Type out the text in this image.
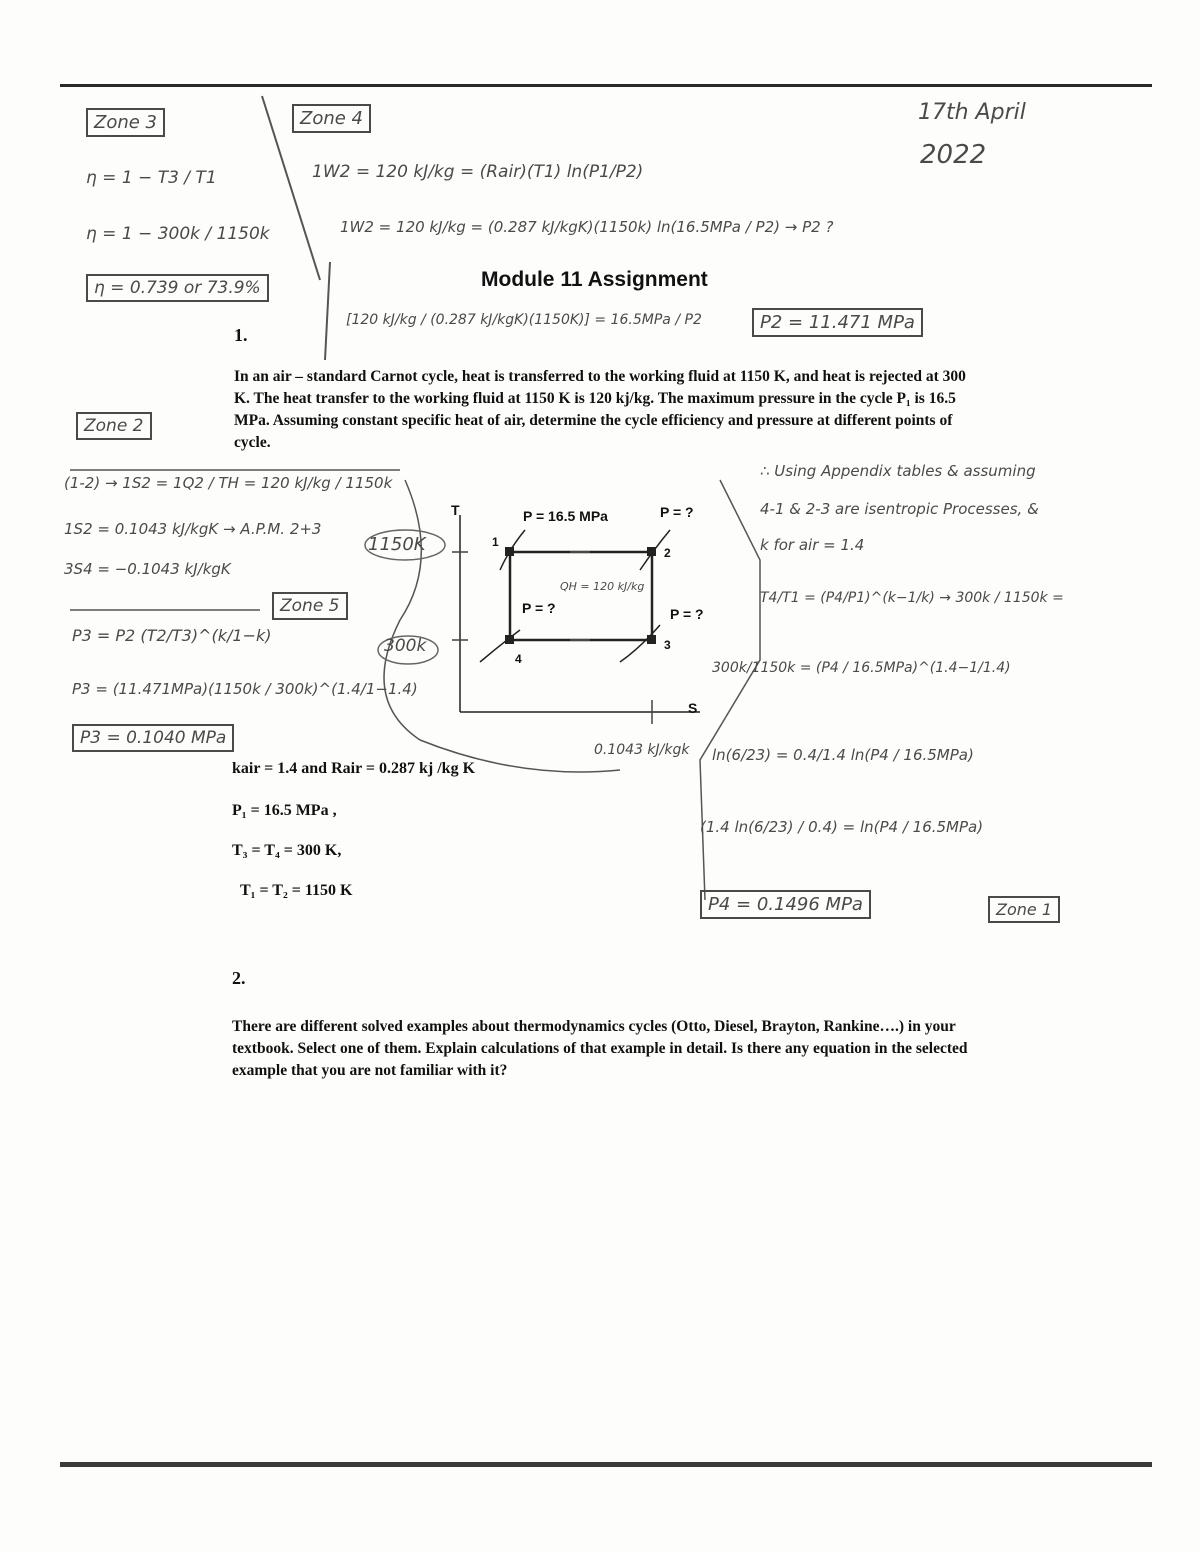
17th April
2022
Zone 3
η = 1 − T3 / T1
η = 1 − 300k / 1150k
η = 0.739 or 73.9%
Zone 4
1W2 = 120 kJ/kg = (Rair)(T1) ln(P1/P2)
1W2 = 120 kJ/kg = (0.287 kJ/kgK)(1150k) ln(16.5MPa / P2) → P2 ?
[120 kJ/kg / (0.287 kJ/kgK)(1150K)] = 16.5MPa / P2	P2 = 11.471 MPa
Module 11 Assignment
1.
In an air – standard Carnot cycle, heat is transferred to the working fluid at 1150 K, and heat is rejected at 300 K. The heat transfer to the working fluid at 1150 K is 120 kj/kg. The maximum pressure in the cycle P₁ is 16.5 MPa. Assuming constant specific heat of air, determine the cycle efficiency and pressure at different points of cycle.
Zone 2
(1-2) → 1S2 = 1Q2 / TH = 120 kJ/kg / 1150k
1S2 = 0.1043 kJ/kgK → A.P.M. 2+3
3S4 = −0.1043 kJ/kgK
Zone 5
P3 = P2 (T2/T3)^(k/1−k)
P3 = (11.471MPa)(1150k / 300k)^(1.4/1−1.4)
P3 = 0.1040 MPa
T
S
P = 16.5 MPa	P = ?
P = ?	P = ?
1
2
3
4
1150K
300k
QH = 120 kJ/kg
0.1043 kJ/kgk
kair = 1.4 and Rair = 0.287 kj /kg K
P₁ = 16.5 MPa ,
T₃ = T₄ = 300 K,
T₁ = T₂ = 1150 K
∴ Using Appendix tables & assuming
4-1 & 2-3 are isentropic Processes, &
k for air = 1.4
T4/T1 = (P4/P1)^(k−1/k) → 300k / 1150k =
300k/1150k = (P4 / 16.5MPa)^(1.4−1/1.4)
ln(6/23) = 0.4/1.4 ln(P4 / 16.5MPa)
(1.4 ln(6/23) / 0.4) = ln(P4 / 16.5MPa)
P4 = 0.1496 MPa	Zone 1
2.
There are different solved examples about thermodynamics cycles (Otto, Diesel, Brayton, Rankine….) in your textbook. Select one of them. Explain calculations of that example in detail. Is there any equation in the selected example that you are not familiar with it?
